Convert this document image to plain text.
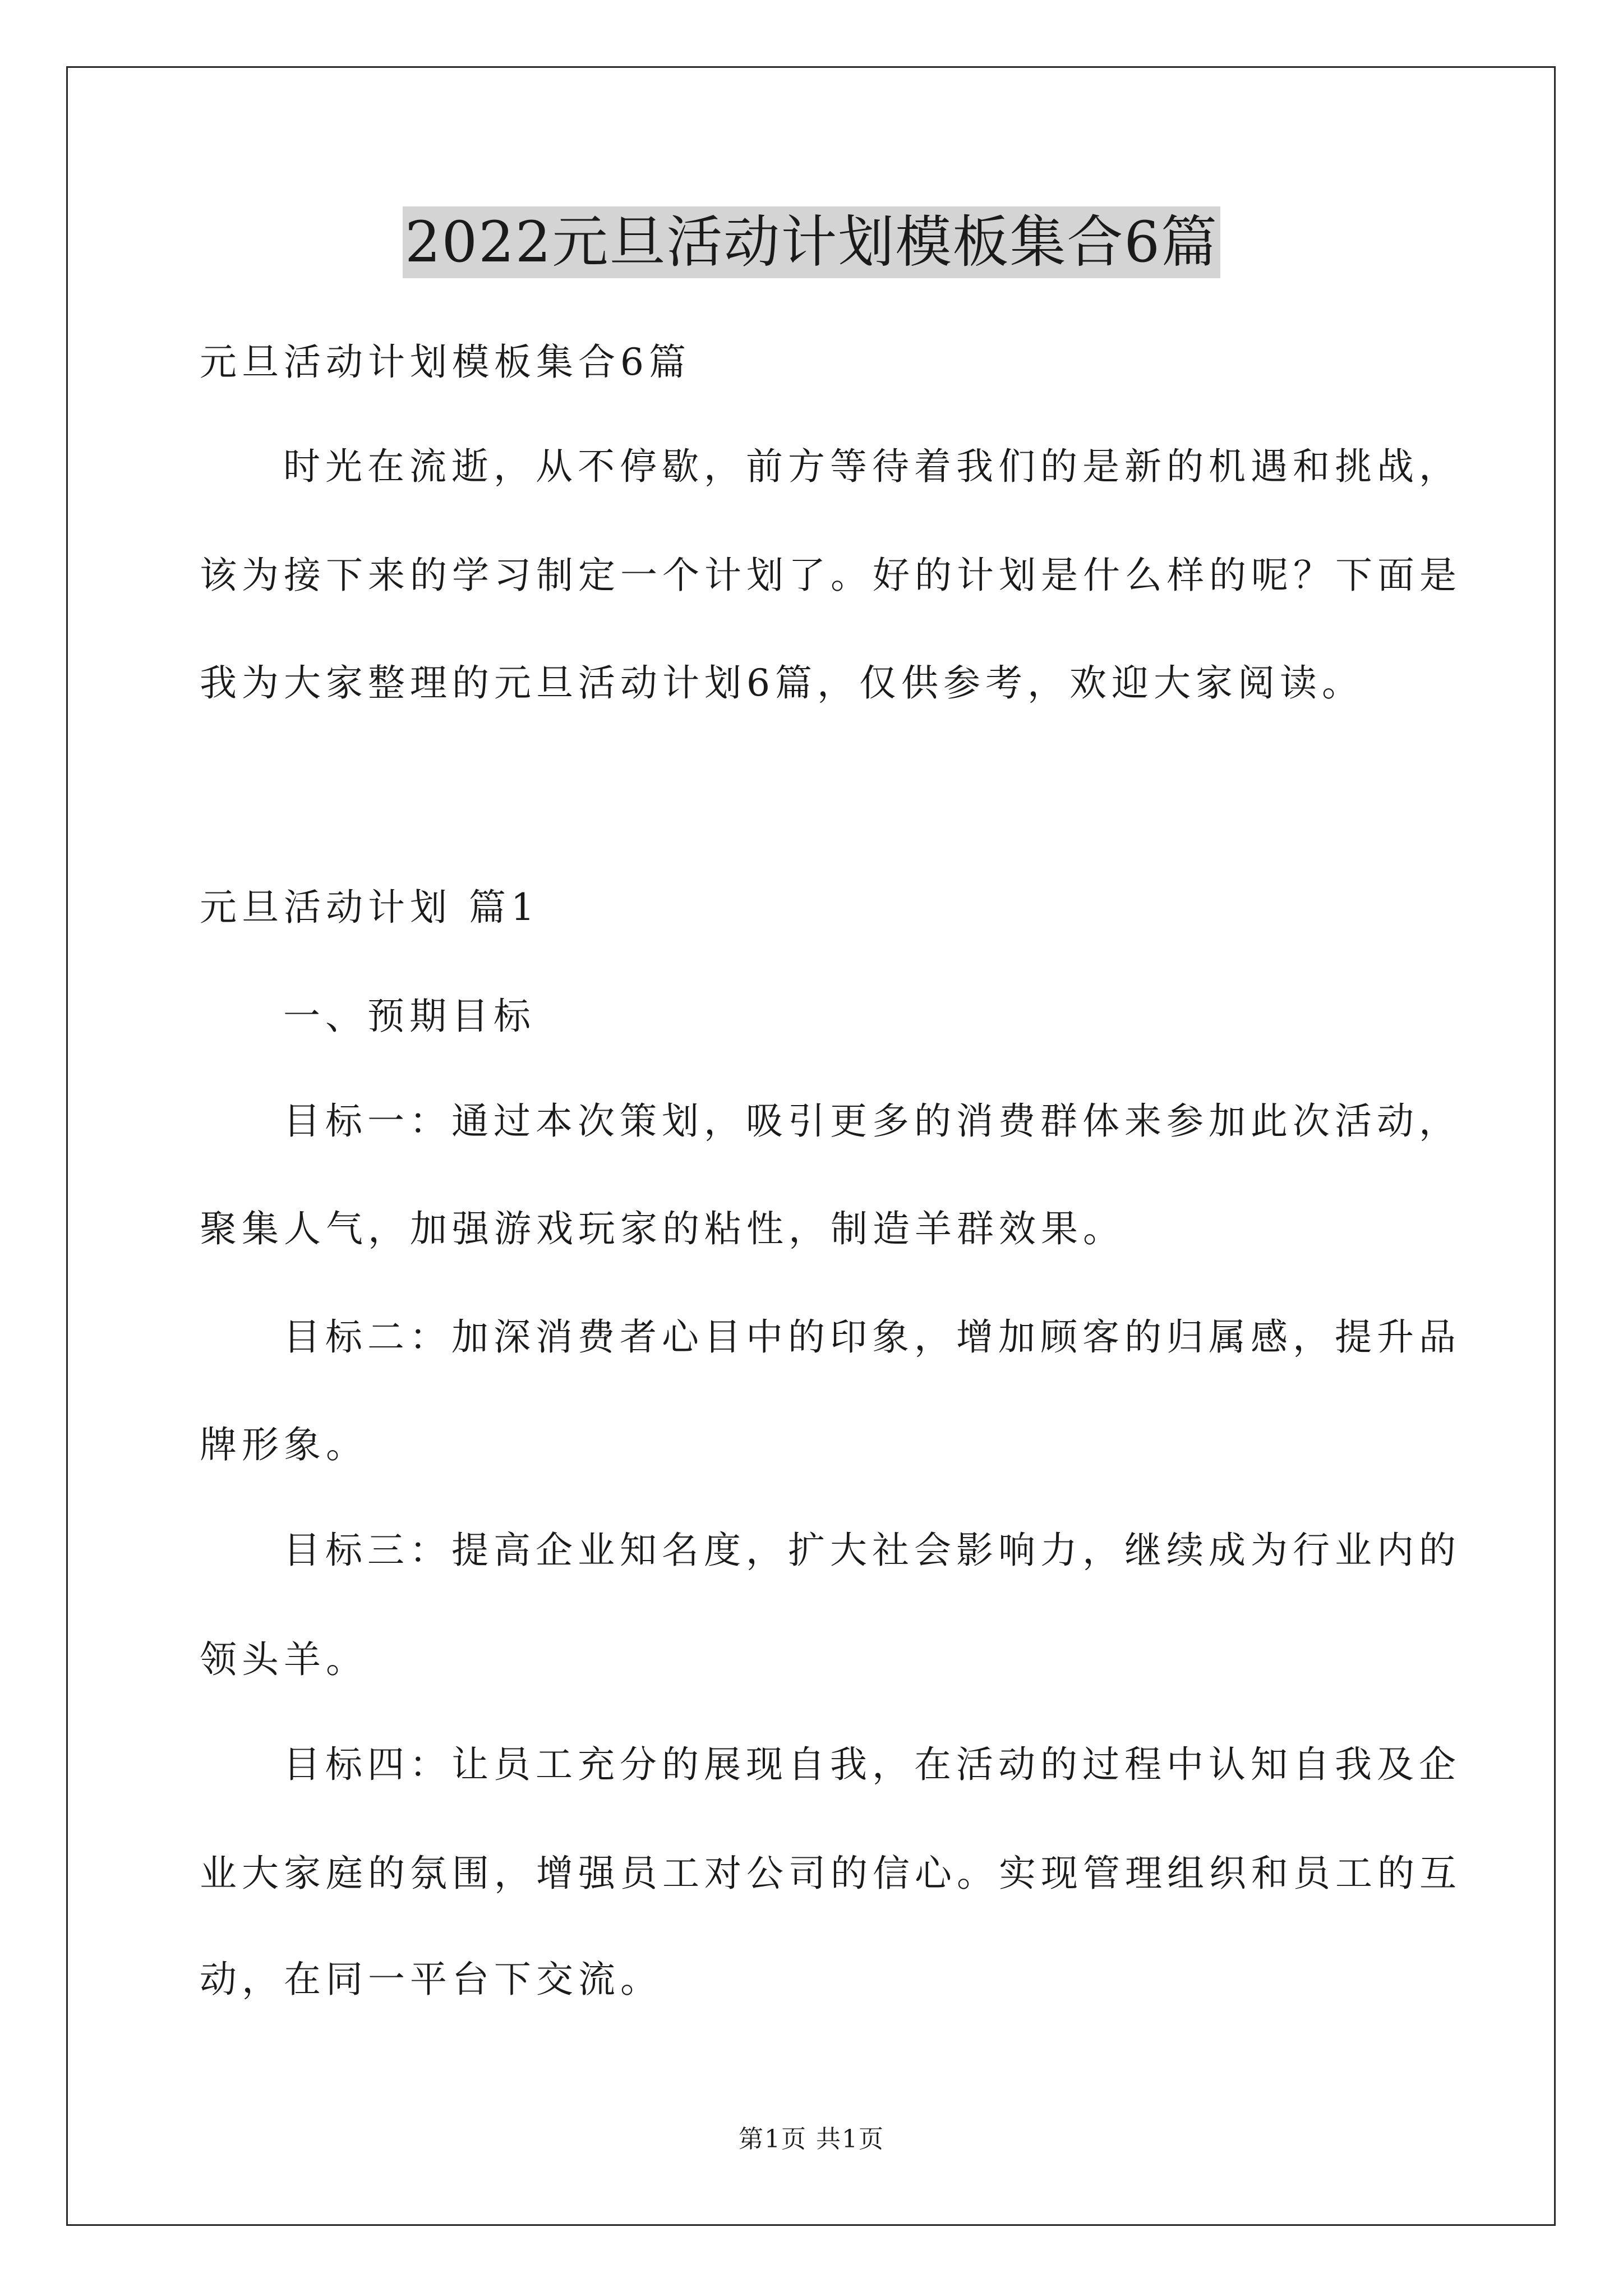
2022元旦活动计划模板集合6篇
元旦活动计划模板集合6篇
时光在流逝，从不停歇，前方等待着我们的是新的机遇和挑战，
该为接下来的学习制定一个计划了。好的计划是什么样的呢？下面是
我为大家整理的元旦活动计划6篇，仅供参考，欢迎大家阅读。
元旦活动计划 篇1
一、预期目标
目标一：通过本次策划，吸引更多的消费群体来参加此次活动，
聚集人气，加强游戏玩家的粘性，制造羊群效果。
目标二：加深消费者心目中的印象，增加顾客的归属感，提升品
牌形象。
目标三：提高企业知名度，扩大社会影响力，继续成为行业内的
领头羊。
目标四：让员工充分的展现自我，在活动的过程中认知自我及企
业大家庭的氛围，增强员工对公司的信心。实现管理组织和员工的互
动，在同一平台下交流。
第1页 共1页
